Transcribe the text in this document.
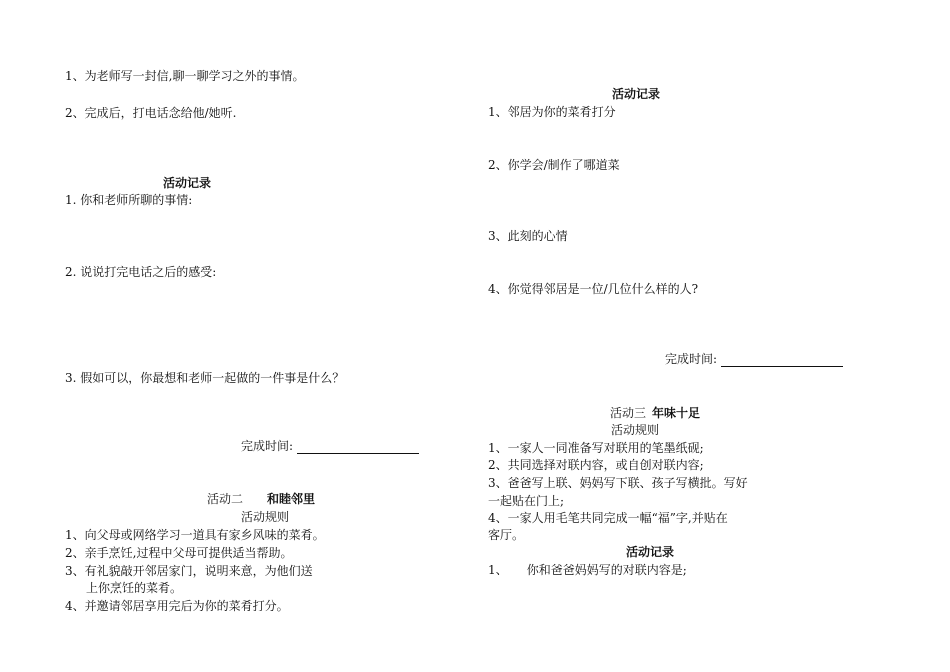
1、为老师写一封信,聊一聊学习之外的事情。
2、完成后，打电话念给他/她听.
活动记录
1. 你和老师所聊的事情:
2. 说说打完电话之后的感受:
3. 假如可以，你最想和老师一起做的一件事是什么？
完成时间:
活动二 和睦邻里
活动规则
1、向父母或网络学习一道具有家乡风味的菜肴。
2、亲手烹饪,过程中父母可提供适当帮助。
3、有礼貌敲开邻居家门，说明来意，为他们送
上你烹饪的菜肴。
4、并邀请邻居享用完后为你的菜肴打分。
活动记录
1、邻居为你的菜肴打分
2、你学会/制作了哪道菜
3、此刻的心情
4、你觉得邻居是一位/几位什么样的人?
完成时间:
活动三 年味十足
活动规则
1、一家人一同准备写对联用的笔墨纸砚;
2、共同选择对联内容，或自创对联内容;
3、爸爸写上联、妈妈写下联、孩子写横批。写好
一起贴在门上;
4、一家人用毛笔共同完成一幅“福”字,并贴在
客厅。
活动记录
1、     你和爸爸妈妈写的对联内容是;
